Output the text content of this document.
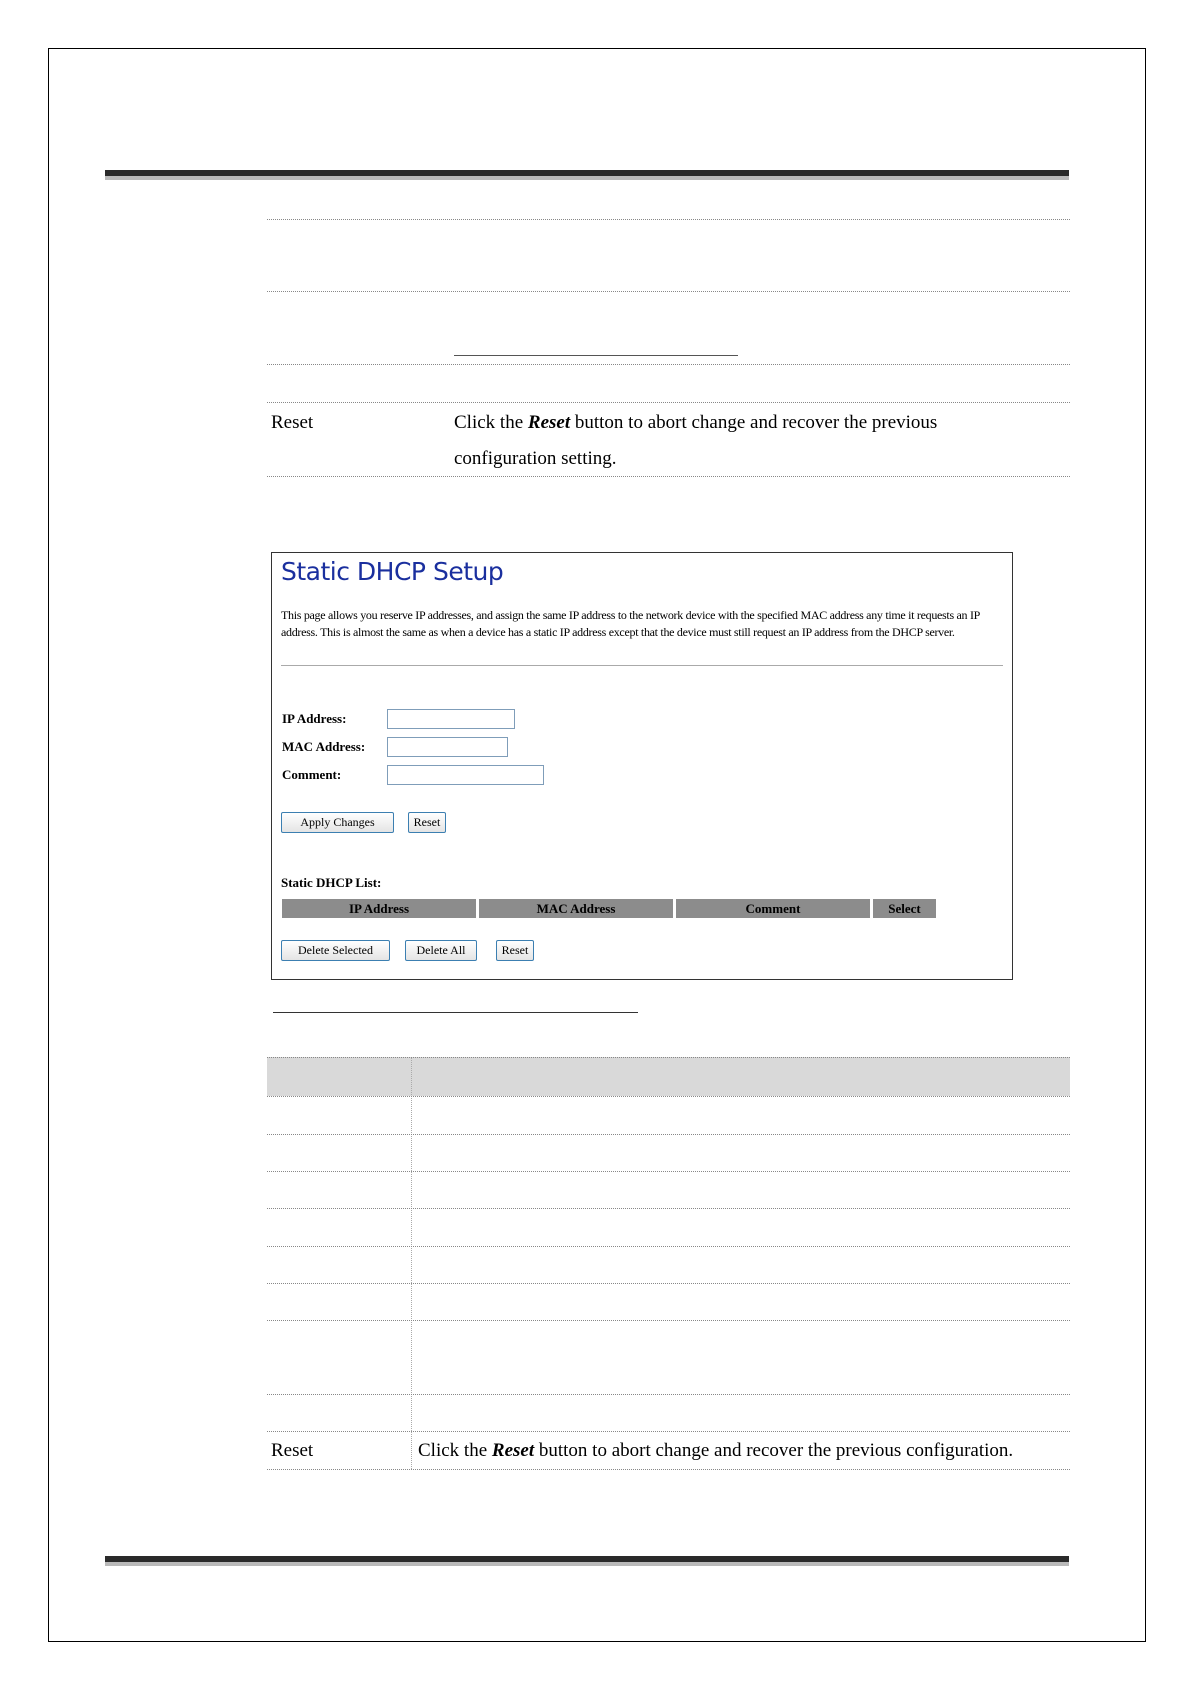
Reset	Click the Reset button to abort change and recover the previous
configuration setting.
Static DHCP Setup
This page allows you reserve IP addresses, and assign the same IP address to the network device with the specified MAC address any time it requests an IP address. This is almost the same as when a device has a static IP address except that the device must still request an IP address from the DHCP server.
IP Address:
MAC Address:
Comment:
Apply Changes	Reset
Static DHCP List:
IP Address	MAC Address	Comment	Select
Delete Selected	Delete All	Reset
Reset	Click the Reset button to abort change and recover the previous configuration.
